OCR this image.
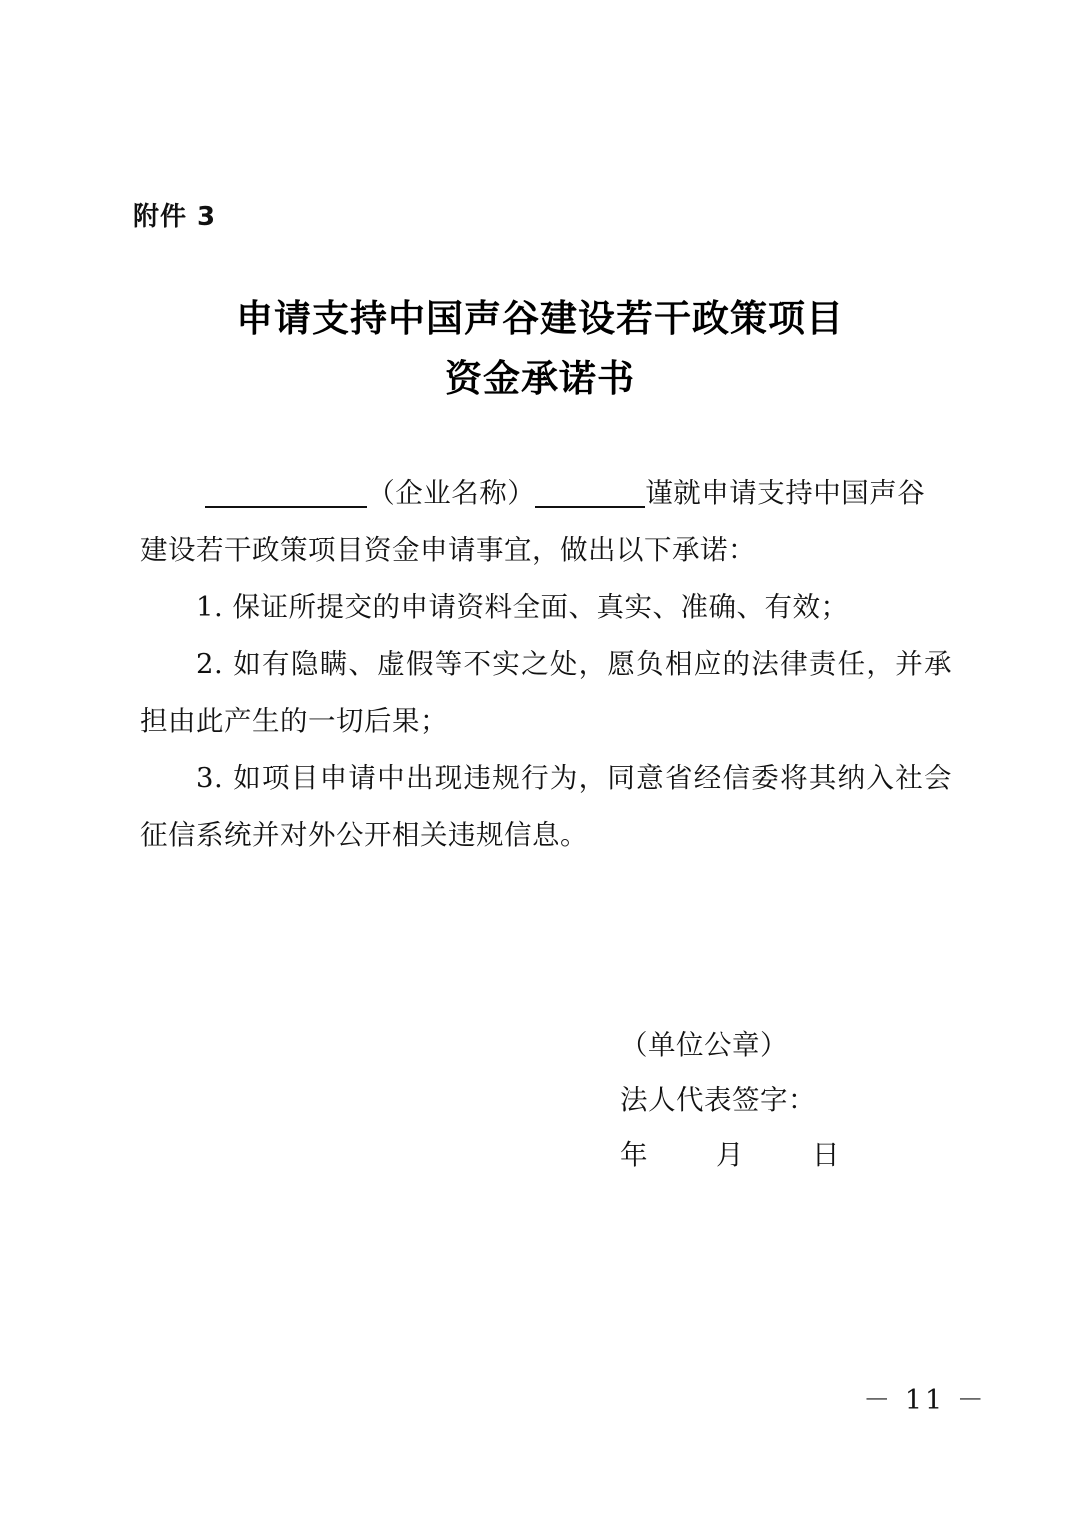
附件 3
申请支持中国声谷建设若干政策项目
资金承诺书

（企业名称）	谨就申请支持中国声谷

建设若干政策项目资金申请事宜，做出以下承诺：

1. 保证所提交的申请资料全面、真实、准确、有效；

2. 如有隐瞒、虚假等不实之处，愿负相应的法律责任，并承担由此产生的一切后果；

3. 如项目申请中出现违规行为，同意省经信委将其纳入社会征信系统并对外公开相关违规信息。

（单位公章）
法人代表签字：
年 月 日
－ 11 －
